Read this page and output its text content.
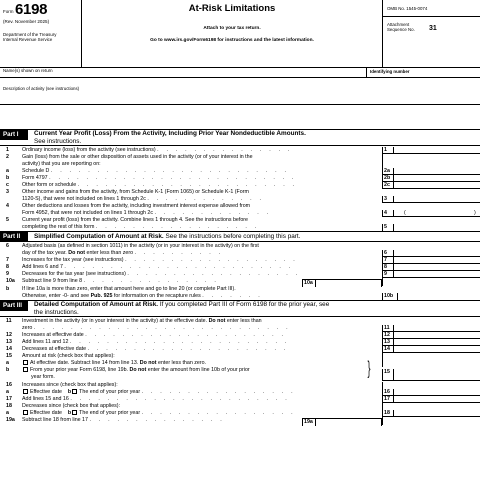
Form 6198
(Rev. November 2025)
Department of the Treasury
Internal Revenue Service
At-Risk Limitations
Attach to your tax return.
Go to www.irs.gov/Form6198 for instructions and the latest information.
OMB No. 1545-0074
Attachment
Sequence No. 31
Name(s) shown on return	Identifying number
Description of activity (see instructions)
Part I	Current Year Profit (Loss) From the Activity, Including Prior Year Nondeductible Amounts.
See instructions.
1 Ordinary income (loss) from the activity (see instructions) . . . . . . . . . . . . . . .	1
2 Gain (loss) from the sale or other disposition of assets used in the activity (or of your interest in the
activity) that you are reporting on:
a Schedule D . . . . . . . . . . . . . . . . . . . . . . . . . .	2a
b Form 4797 . . . . . . . . . . . . . . . . . . . . . . . . . . .	2b
c Other form or schedule . . . . . . . . . . . . . . . . . . . . . . . .	2c
3 Other income and gains from the activity, from Schedule K-1 (Form 1065) or Schedule K-1 (Form
1120-S), that were not included on lines 1 through 2c . . . . . . . . . . . . .	3
4 Other deductions and losses from the activity, including investment interest expense allowed from
Form 4952, that were not included on lines 1 through 2c . . . . . . . . . . . . .	4	(	)
5 Current year profit (loss) from the activity. Combine lines 1 through 4. See the instructions before
completing the rest of this form . . . . . . . . . . . . . . . . . .	5
Part II	Simplified Computation of Amount at Risk. See the instructions before completing this part.
6 Adjusted basis (as defined in section 1011) in the activity (or in your interest in the activity) on the first
day of the tax year. Do not enter less than zero . . . . . . . . . .	6
7 Increases for the tax year (see instructions) . . . . . . . . . . . . . . . . . . .	7
8 Add lines 6 and 7 . . . . . . . . . . . . . . . . . . . . . . . . .	8
9 Decreases for the tax year (see instructions) . . . . . . . . . . . . . . . . . . .	9
10a Subtract line 9 from line 8 . . . . . . . . . . . . . . .	10a
b If line 10a is more than zero, enter that amount here and go to line 20 (or complete Part III).
Otherwise, enter -0- and see Pub. 925 for information on the recapture rules . . . . . . .	10b
Part III	Detailed Computation of Amount at Risk. If you completed Part III of Form 6198 for the prior year, see
the instructions.
11 Investment in the activity (or in your interest in the activity) at the effective date. Do not enter less than
zero . . . . . . . . . . . . . . . . . . . . . . . . . . . .	11
12 Increases at effective date . . . . . . . . . . . . . . . . . . . . . .	12
13 Add lines 11 and 12 . . . . . . . . . . . . . . . . . . . . . . . .	13
14 Decreases at effective date . . . . . . . . . . . . . . . . . . . . . .	14
15 Amount at risk (check box that applies):
a	At effective date. Subtract line 14 from line 13. Do not enter less than zero.
b	From your prior year Form 6198, line 19b. Do not enter the amount from line 10b of your prior
year form.	}	15
16 Increases since (check box that applies):
a	Effective date b The end of your prior year . . . . . . . . . . . . . . . . .	16
17 Add lines 15 and 16 . . . . . . . . . . . . . . . . . . . . . . . .	17
18 Decreases since (check box that applies):
a	Effective date b The end of your prior year . . . . . . . . . . . . . . . . .	18
19a Subtract line 18 from line 17 . . . . . . . . . . . . . . .	19a
